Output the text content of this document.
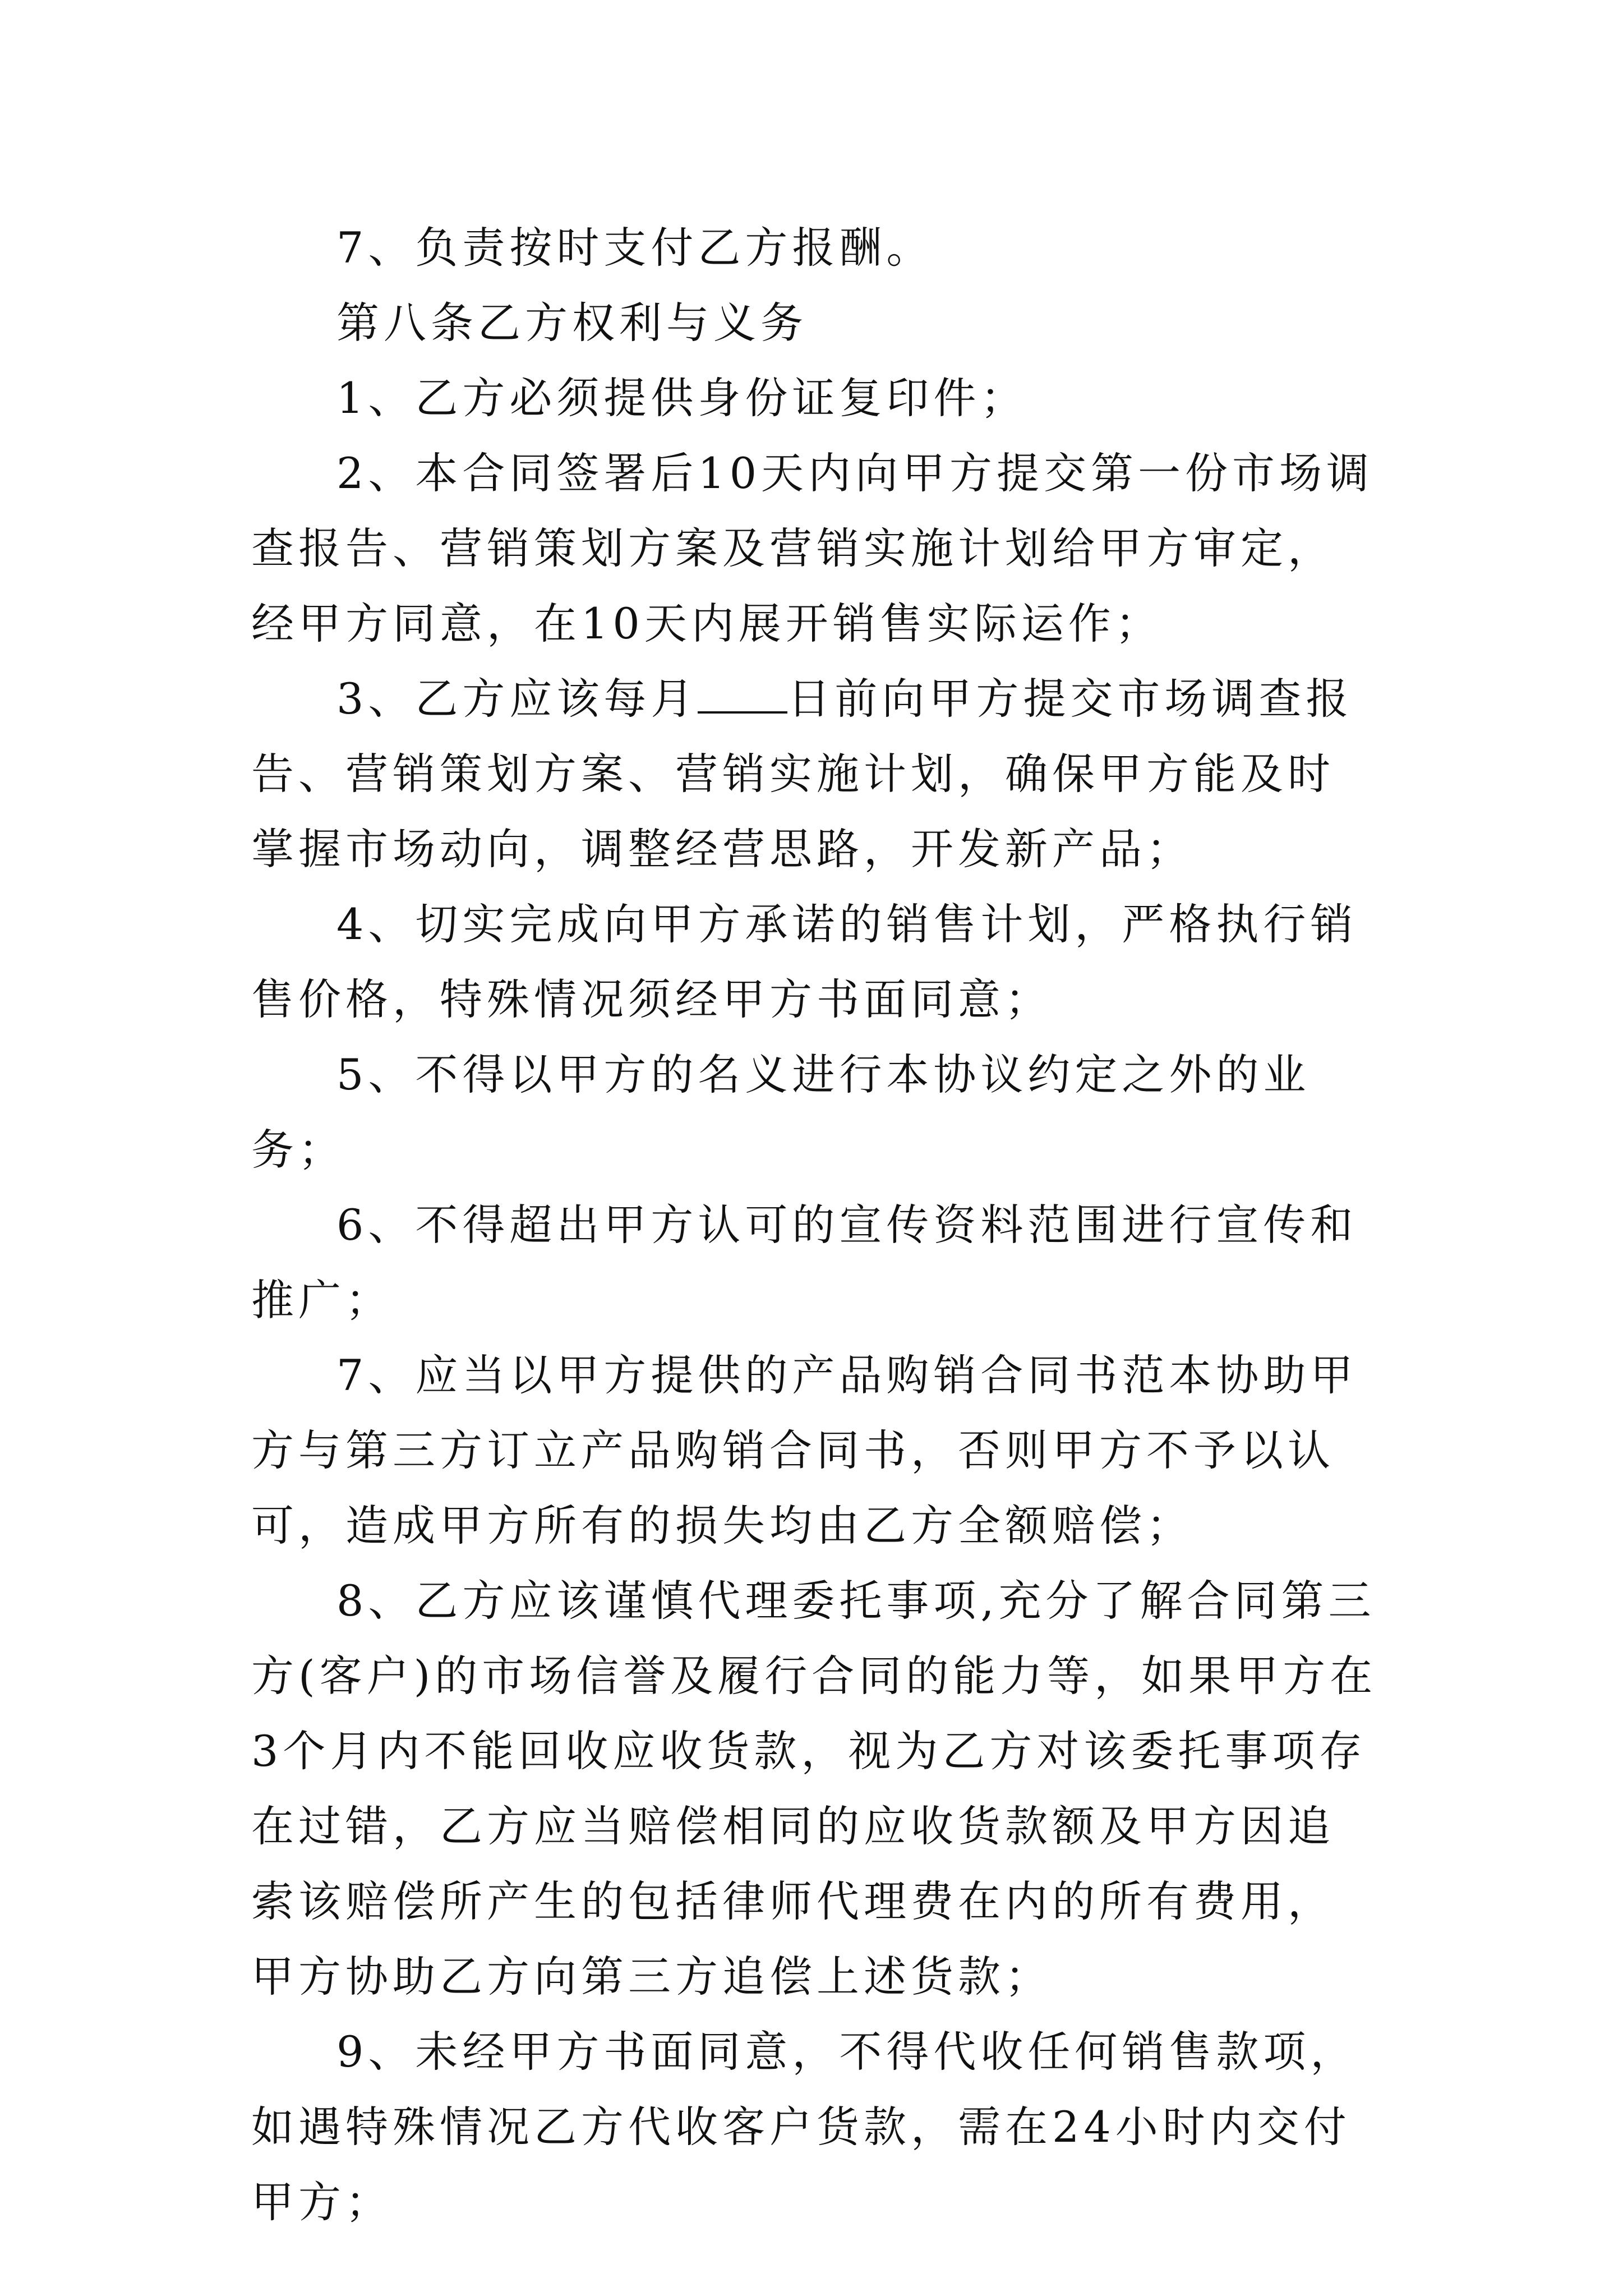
7、负责按时支付乙方报酬。

第八条乙方权利与义务

1、乙方必须提供身份证复印件；

2、本合同签署后10天内向甲方提交第一份市场调查报告、营销策划方案及营销实施计划给甲方审定，经甲方同意，在10天内展开销售实际运作；

3、乙方应该每月 日前向甲方提交市场调查报告、营销策划方案、营销实施计划，确保甲方能及时掌握市场动向，调整经营思路，开发新产品；

4、切实完成向甲方承诺的销售计划，严格执行销售价格，特殊情况须经甲方书面同意；

5、不得以甲方的名义进行本协议约定之外的业务；

6、不得超出甲方认可的宣传资料范围进行宣传和推广；

7、应当以甲方提供的产品购销合同书范本协助甲方与第三方订立产品购销合同书，否则甲方不予以认可，造成甲方所有的损失均由乙方全额赔偿；

8、乙方应该谨慎代理委托事项,充分了解合同第三方(客户)的市场信誉及履行合同的能力等，如果甲方在3个月内不能回收应收货款，视为乙方对该委托事项存在过错，乙方应当赔偿相同的应收货款额及甲方因追索该赔偿所产生的包括律师代理费在内的所有费用，甲方协助乙方向第三方追偿上述货款；

9、未经甲方书面同意，不得代收任何销售款项，如遇特殊情况乙方代收客户货款，需在24小时内交付甲方；
